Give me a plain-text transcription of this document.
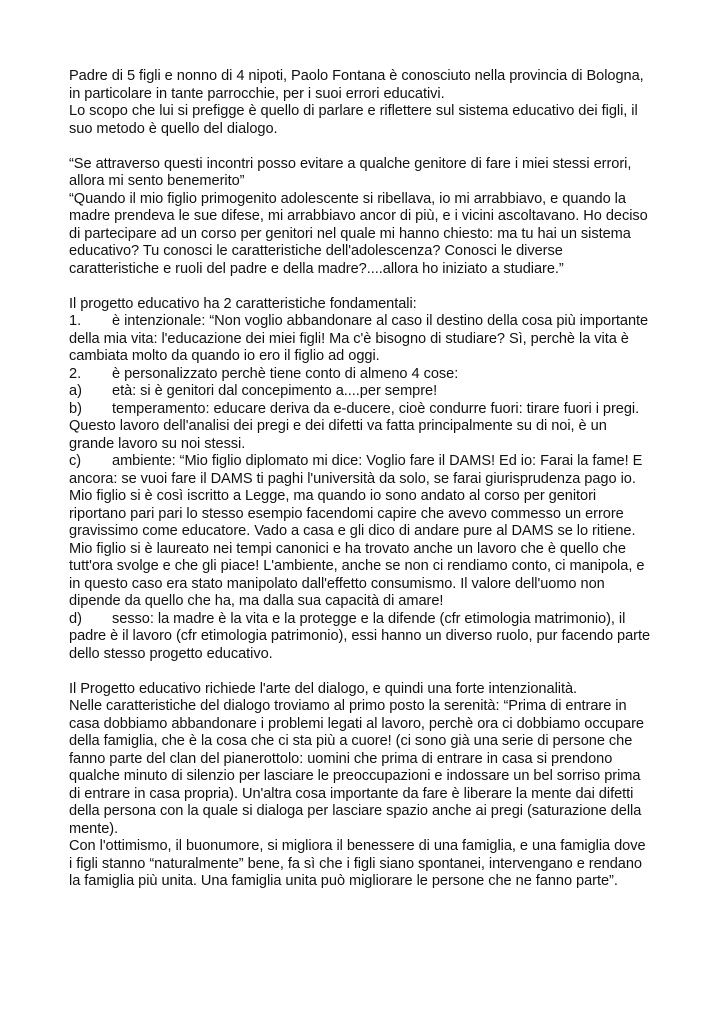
Padre di 5 figli e nonno di 4 nipoti, Paolo Fontana è conosciuto nella provincia di Bologna,
in particolare in tante parrocchie, per i suoi errori educativi.
Lo scopo che lui si prefigge è quello di parlare e riflettere sul sistema educativo dei figli, il
suo metodo è quello del dialogo.
“Se attraverso questi incontri posso evitare a qualche genitore di fare i miei stessi errori,
allora mi sento benemerito”
“Quando il mio figlio primogenito adolescente si ribellava, io mi arrabbiavo, e quando la
madre prendeva le sue difese, mi arrabbiavo ancor di più, e i vicini ascoltavano. Ho deciso
di partecipare ad un corso per genitori nel quale mi hanno chiesto: ma tu hai un sistema
educativo? Tu conosci le caratteristiche dell'adolescenza? Conosci le diverse
caratteristiche e ruoli del padre e della madre?....allora ho iniziato a studiare.”
Il progetto educativo ha 2 caratteristiche fondamentali:
1. è intenzionale: “Non voglio abbandonare al caso il destino della cosa più importante
della mia vita: l'educazione dei miei figli! Ma c'è bisogno di studiare? Sì, perchè la vita è
cambiata molto da quando io ero il figlio ad oggi.
2. è personalizzato perchè tiene conto di almeno 4 cose:
a) età: si è genitori dal concepimento a....per sempre!
b) temperamento: educare deriva da e-ducere, cioè condurre fuori: tirare fuori i pregi.
Questo lavoro dell'analisi dei pregi e dei difetti va fatta principalmente su di noi, è un
grande lavoro su noi stessi.
c) ambiente: “Mio figlio diplomato mi dice: Voglio fare il DAMS! Ed io: Farai la fame! E
ancora: se vuoi fare il DAMS ti paghi l'università da solo, se farai giurisprudenza pago io.
Mio figlio si è così iscritto a Legge, ma quando io sono andato al corso per genitori
riportano pari pari lo stesso esempio facendomi capire che avevo commesso un errore
gravissimo come educatore. Vado a casa e gli dico di andare pure al DAMS se lo ritiene.
Mio figlio si è laureato nei tempi canonici e ha trovato anche un lavoro che è quello che
tutt'ora svolge e che gli piace! L'ambiente, anche se non ci rendiamo conto, ci manipola, e
in questo caso era stato manipolato dall'effetto consumismo. Il valore dell'uomo non
dipende da quello che ha, ma dalla sua capacità di amare!
d) sesso: la madre è la vita e la protegge e la difende (cfr etimologia matrimonio), il
padre è il lavoro (cfr etimologia patrimonio), essi hanno un diverso ruolo, pur facendo parte
dello stesso progetto educativo.
Il Progetto educativo richiede l'arte del dialogo, e quindi una forte intenzionalità.
Nelle caratteristiche del dialogo troviamo al primo posto la serenità: “Prima di entrare in
casa dobbiamo abbandonare i problemi legati al lavoro, perchè ora ci dobbiamo occupare
della famiglia, che è la cosa che ci sta più a cuore! (ci sono già una serie di persone che
fanno parte del clan del pianerottolo: uomini che prima di entrare in casa si prendono
qualche minuto di silenzio per lasciare le preoccupazioni e indossare un bel sorriso prima
di entrare in casa propria). Un'altra cosa importante da fare è liberare la mente dai difetti
della persona con la quale si dialoga per lasciare spazio anche ai pregi (saturazione della
mente).
Con l'ottimismo, il buonumore, si migliora il benessere di una famiglia, e una famiglia dove
i figli stanno “naturalmente” bene, fa sì che i figli siano spontanei, intervengano e rendano
la famiglia più unita. Una famiglia unita può migliorare le persone che ne fanno parte”.
